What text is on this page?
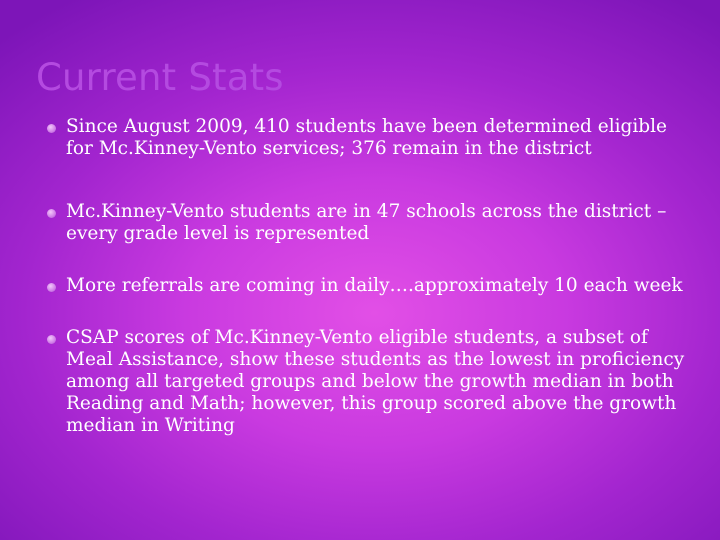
Current Stats
Since August 2009, 410 students have been determined eligible for Mc.Kinney-Vento services; 376 remain in the district
Mc.Kinney-Vento students are in 47 schools across the district – every grade level is represented
More referrals are coming in daily….approximately 10 each week
CSAP scores of Mc.Kinney-Vento eligible students, a subset of Meal Assistance, show these students as the lowest in proficiency among all targeted groups and below the growth median in both Reading and Math; however, this group scored above the growth median in Writing
